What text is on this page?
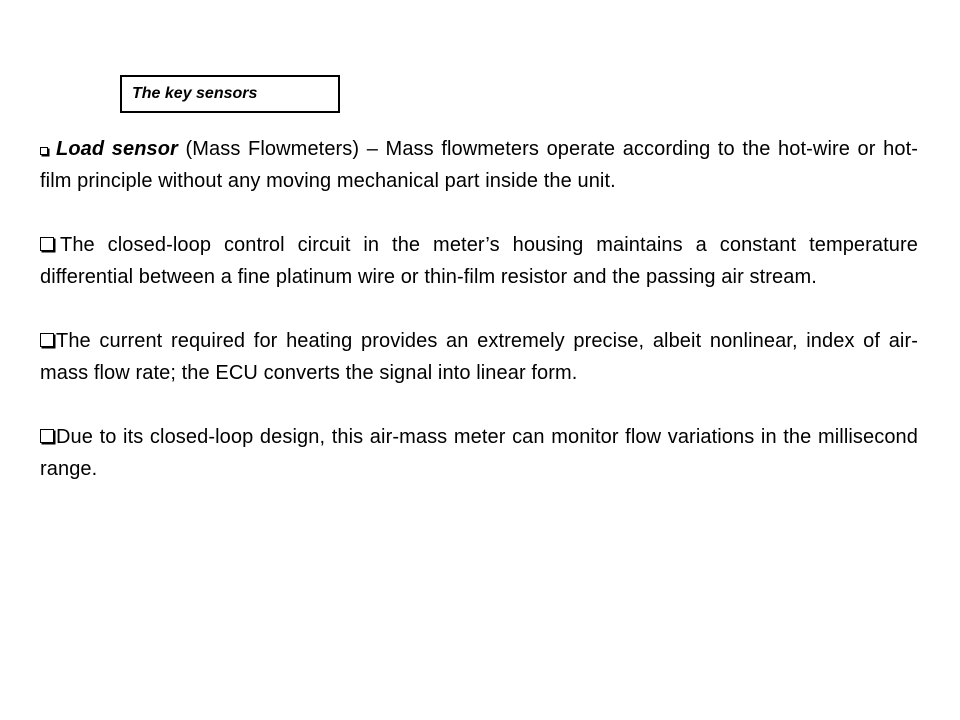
The key sensors

Load sensor (Mass Flowmeters) – Mass flowmeters operate according to the hot-wire or hot-film principle without any moving mechanical part inside the unit.

The closed-loop control circuit in the meter’s housing maintains a constant temperature differential between a fine platinum wire or thin-film resistor and the passing air stream.

The current required for heating provides an extremely precise, albeit nonlinear, index of air-mass flow rate; the ECU converts the signal into linear form.

Due to its closed-loop design, this air-mass meter can monitor flow variations in the millisecond range.
